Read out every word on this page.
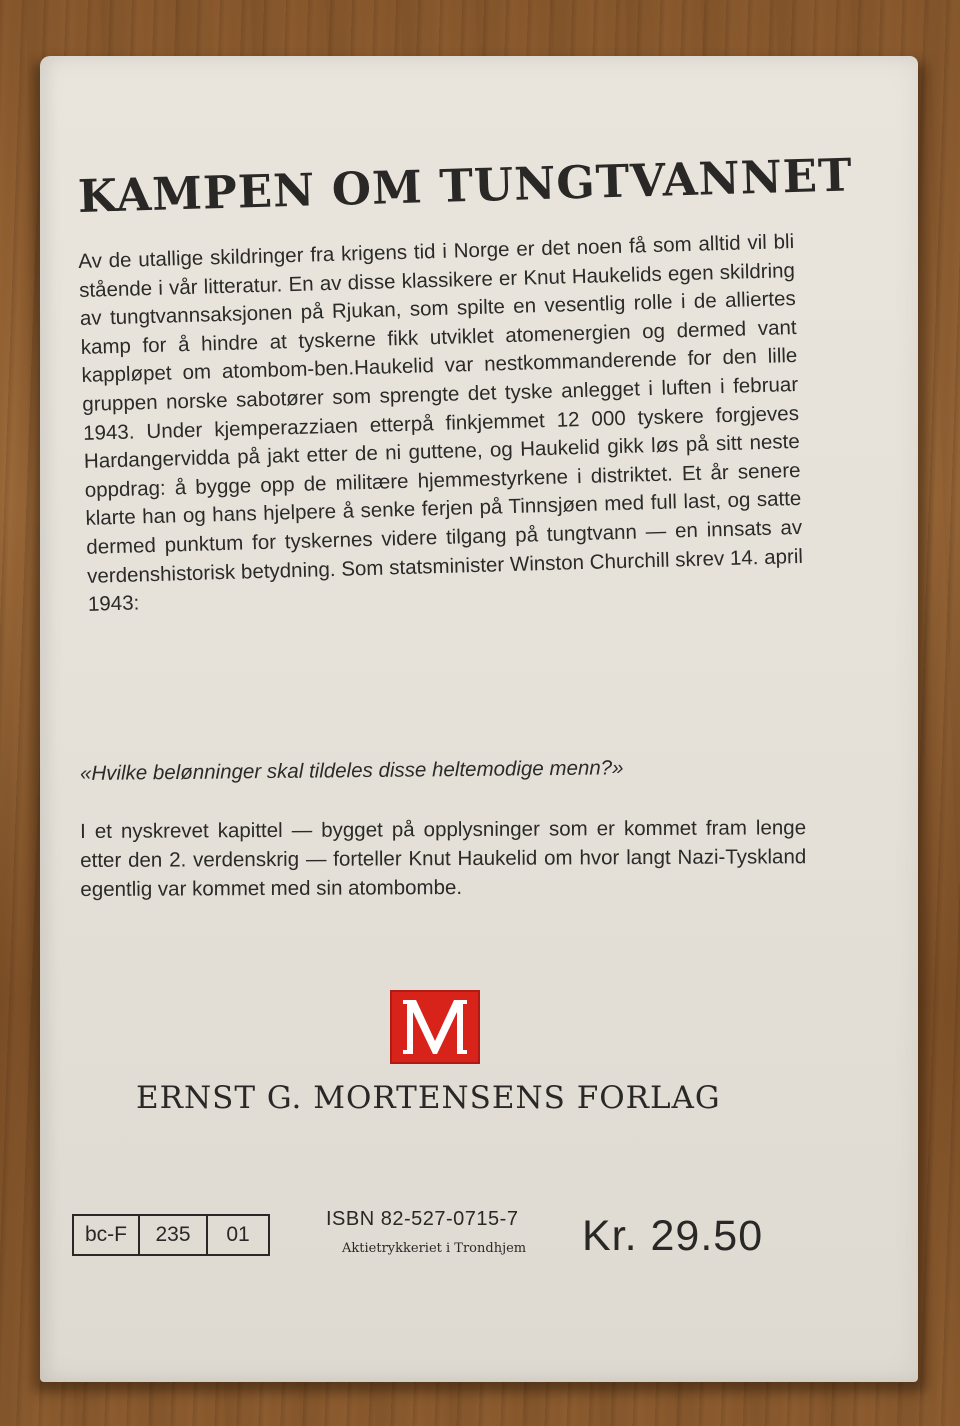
KAMPEN OM TUNGTVANNET

Av de utallige skildringer fra krigens tid i Norge er det noen få som alltid vil bli stående i vår litteratur. En av disse klassikere er Knut Haukelids egen skildring av tungtvannsaksjonen på Rjukan, som spilte en vesentlig rolle i de alliertes kamp for å hindre at tyskerne fikk utviklet atomenergien og dermed vant kappløpet om atombom-ben.Haukelid var nestkommanderende for den lille gruppen norske sabotører som sprengte det tyske anlegget i luften i februar 1943. Under kjemperazziaen etterpå finkjemmet 12 000 tyskere forgjeves Hardangervidda på jakt etter de ni guttene, og Haukelid gikk løs på sitt neste oppdrag: å bygge opp de militære hjemmestyrkene i distriktet. Et år senere klarte han og hans hjelpere å senke ferjen på Tinnsjøen med full last, og satte dermed punktum for tyskernes videre tilgang på tungtvann — en innsats av verdenshistorisk betydning. Som statsminister Winston Churchill skrev 14. april 1943:

«Hvilke belønninger skal tildeles disse heltemodige menn?»

I et nyskrevet kapittel — bygget på opplysninger som er kommet fram lenge etter den 2. verdenskrig — forteller Knut Haukelid om hvor langt Nazi-Tyskland egentlig var kommet med sin atombombe.

ERNST G. MORTENSENS FORLAG

bc-F	235	01

ISBN 82-527-0715-7

Aktietrykkeriet i Trondhjem Kr. 29.50
